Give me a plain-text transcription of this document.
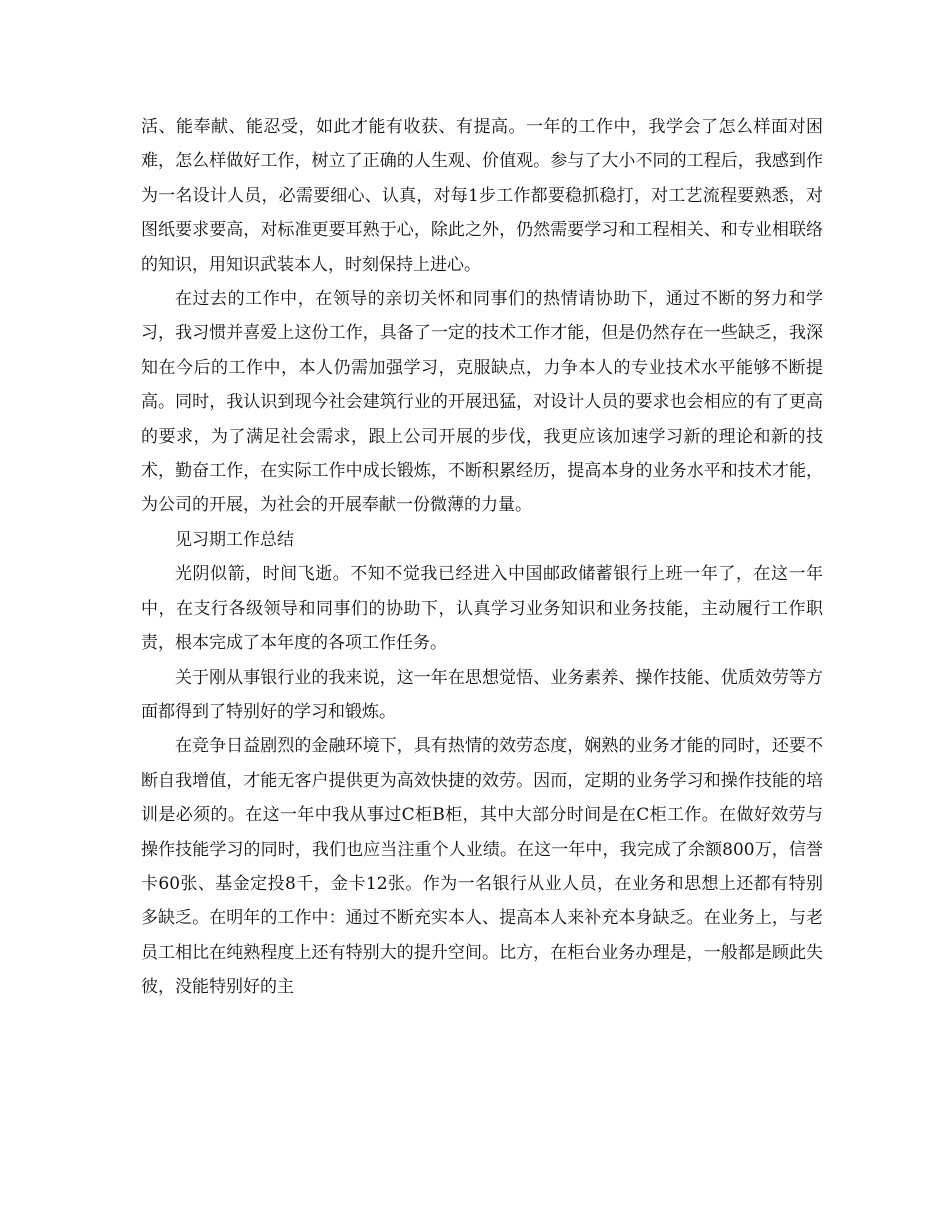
活、能奉献、能忍受，如此才能有收获、有提高。一年的工作中，我学会了怎么样面对困难，怎么样做好工作，树立了正确的人生观、价值观。参与了大小不同的工程后，我感到作为一名设计人员，必需要细心、认真，对每1步工作都要稳抓稳打，对工艺流程要熟悉，对图纸要求要高，对标准更要耳熟于心，除此之外，仍然需要学习和工程相关、和专业相联络的知识，用知识武装本人，时刻保持上进心。

在过去的工作中，在领导的亲切关怀和同事们的热情请协助下，通过不断的努力和学习，我习惯并喜爱上这份工作，具备了一定的技术工作才能，但是仍然存在一些缺乏，我深知在今后的工作中，本人仍需加强学习，克服缺点，力争本人的专业技术水平能够不断提高。同时，我认识到现今社会建筑行业的开展迅猛，对设计人员的要求也会相应的有了更高的要求，为了满足社会需求，跟上公司开展的步伐，我更应该加速学习新的理论和新的技术，勤奋工作，在实际工作中成长锻炼，不断积累经历，提高本身的业务水平和技术才能，为公司的开展，为社会的开展奉献一份微薄的力量。

见习期工作总结

光阴似箭，时间飞逝。不知不觉我已经进入中国邮政储蓄银行上班一年了，在这一年中，在支行各级领导和同事们的协助下，认真学习业务知识和业务技能，主动履行工作职责，根本完成了本年度的各项工作任务。

关于刚从事银行业的我来说，这一年在思想觉悟、业务素养、操作技能、优质效劳等方面都得到了特别好的学习和锻炼。

在竞争日益剧烈的金融环境下，具有热情的效劳态度，娴熟的业务才能的同时，还要不断自我增值，才能无客户提供更为高效快捷的效劳。因而，定期的业务学习和操作技能的培训是必须的。在这一年中我从事过C柜B柜，其中大部分时间是在C柜工作。在做好效劳与操作技能学习的同时，我们也应当注重个人业绩。在这一年中，我完成了余额800万，信誉卡60张、基金定投8千，金卡12张。作为一名银行从业人员，在业务和思想上还都有特别多缺乏。在明年的工作中：通过不断充实本人、提高本人来补充本身缺乏。在业务上，与老员工相比在纯熟程度上还有特别大的提升空间。比方，在柜台业务办理是，一般都是顾此失彼，没能特别好的主
